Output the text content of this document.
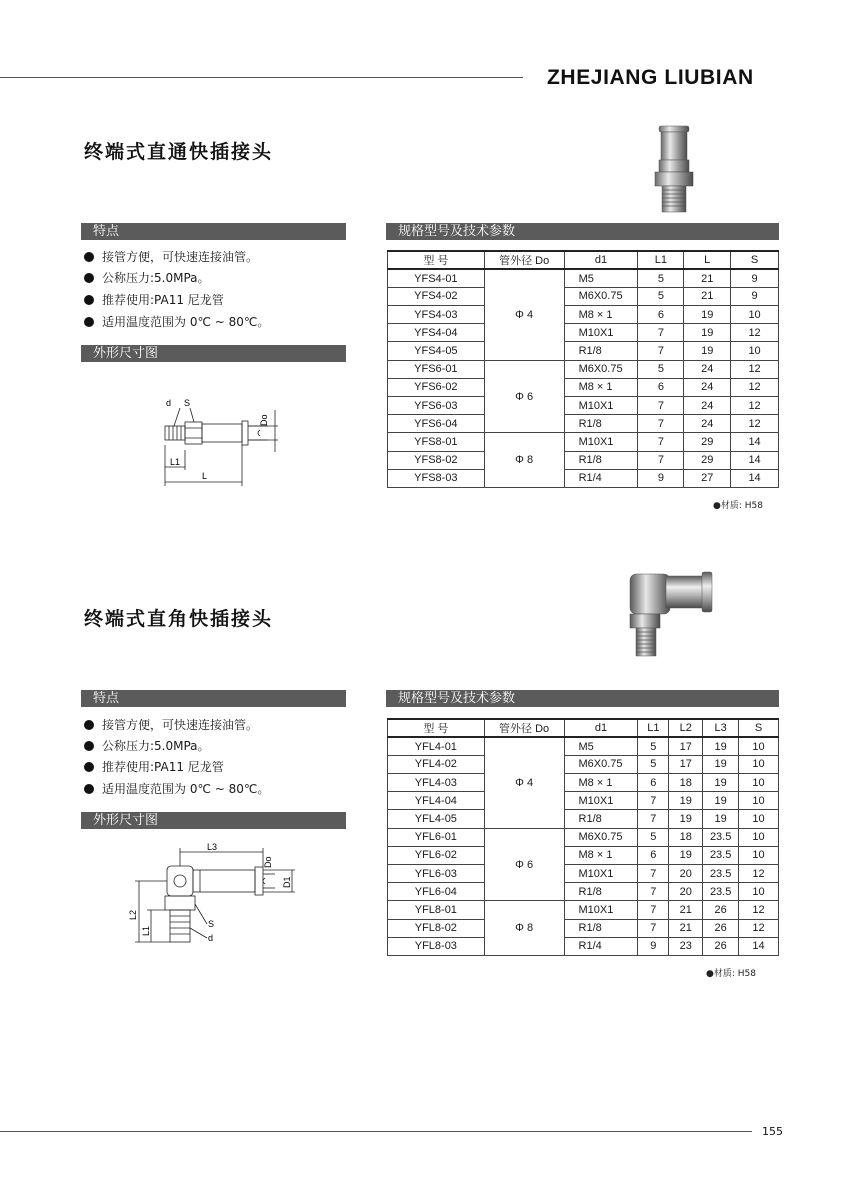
ZHEJIANG LIUBIAN
终端式直通快插接头
特点
接管方便，可快速连接油管。
公称压力:5.0MPa。
推荐使用:PA11 尼龙管
适用温度范围为 0℃ ~ 80℃。
外形尺寸图
d S
Do
L1
L
规格型号及技术参数
型 号	管外径 Do	d1	L1	L	S
YFS4-01	Φ 4	M5	5	21	9
YFS4-02		M6X0.75	5	21	9
YFS4-03		M8 × 1	6	19	10
YFS4-04		M10X1	7	19	12
YFS4-05		R1/8	7	19	10
YFS6-01	Φ 6	M6X0.75	5	24	12
YFS6-02		M8 × 1	6	24	12
YFS6-03		M10X1	7	24	12
YFS6-04		R1/8	7	24	12
YFS8-01	Φ 8	M10X1	7	29	14
YFS8-02		R1/8	7	29	14
YFS8-03		R1/4	9	27	14
●材质: H58
终端式直角快插接头
特点
接管方便，可快速连接油管。
公称压力:5.0MPa。
推荐使用:PA11 尼龙管
适用温度范围为 0℃ ~ 80℃。
外形尺寸图
L3
Do
D1
L2
L1
S
d
规格型号及技术参数
型 号	管外径 Do	d1	L1	L2	L3	S
YFL4-01	Φ 4	M5	5	17	19	10
YFL4-02		M6X0.75	5	17	19	10
YFL4-03		M8 × 1	6	18	19	10
YFL4-04		M10X1	7	19	19	10
YFL4-05		R1/8	7	19	19	10
YFL6-01	Φ 6	M6X0.75	5	18	23.5	10
YFL6-02		M8 × 1	6	19	23.5	10
YFL6-03		M10X1	7	20	23.5	12
YFL6-04		R1/8	7	20	23.5	10
YFL8-01	Φ 8	M10X1	7	21	26	12
YFL8-02		R1/8	7	21	26	12
YFL8-03		R1/4	9	23	26	14
●材质: H58
155
